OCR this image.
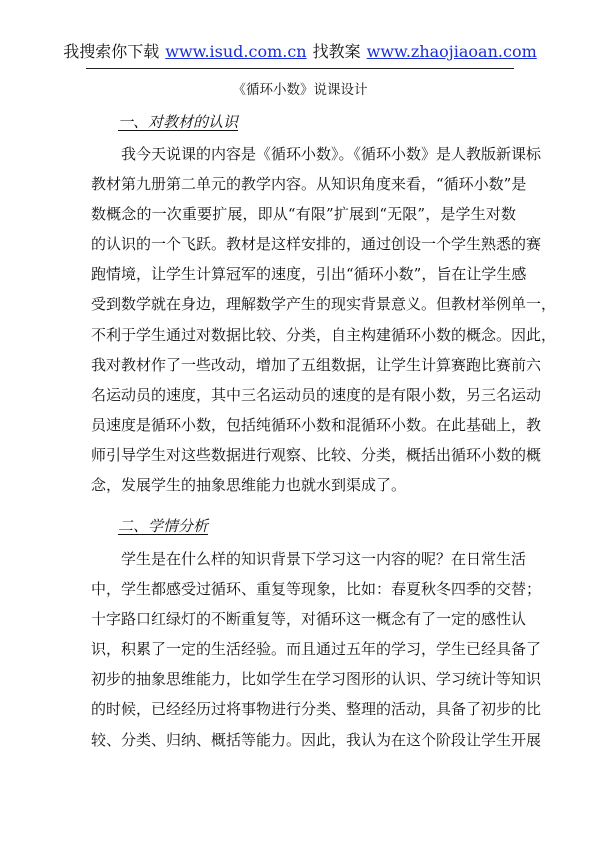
我搜索你下载 www.isud.com.cn 找教案 www.zhaojiaoan.com
《循环小数》说课设计
一、对教材的认识
我今天说课的内容是《循环小数》。《循环小数》是人教版新课标
教材第九册第二单元的教学内容。从知识角度来看，“循环小数”是
数概念的一次重要扩展，即从“有限”扩展到“无限”，是学生对数
的认识的一个飞跃。教材是这样安排的，通过创设一个学生熟悉的赛
跑情境，让学生计算冠军的速度，引出“循环小数”，旨在让学生感
受到数学就在身边，理解数学产生的现实背景意义。但教材举例单一，
不利于学生通过对数据比较、分类，自主构建循环小数的概念。因此，
我对教材作了一些改动，增加了五组数据，让学生计算赛跑比赛前六
名运动员的速度，其中三名运动员的速度的是有限小数，另三名运动
员速度是循环小数，包括纯循环小数和混循环小数。在此基础上，教
师引导学生对这些数据进行观察、比较、分类，概括出循环小数的概
念，发展学生的抽象思维能力也就水到渠成了。
二、学情分析
学生是在什么样的知识背景下学习这一内容的呢？在日常生活
中，学生都感受过循环、重复等现象，比如：春夏秋冬四季的交替；
十字路口红绿灯的不断重复等，对循环这一概念有了一定的感性认
识，积累了一定的生活经验。而且通过五年的学习，学生已经具备了
初步的抽象思维能力，比如学生在学习图形的认识、学习统计等知识
的时候，已经经历过将事物进行分类、整理的活动，具备了初步的比
较、分类、归纳、概括等能力。因此，我认为在这个阶段让学生开展
